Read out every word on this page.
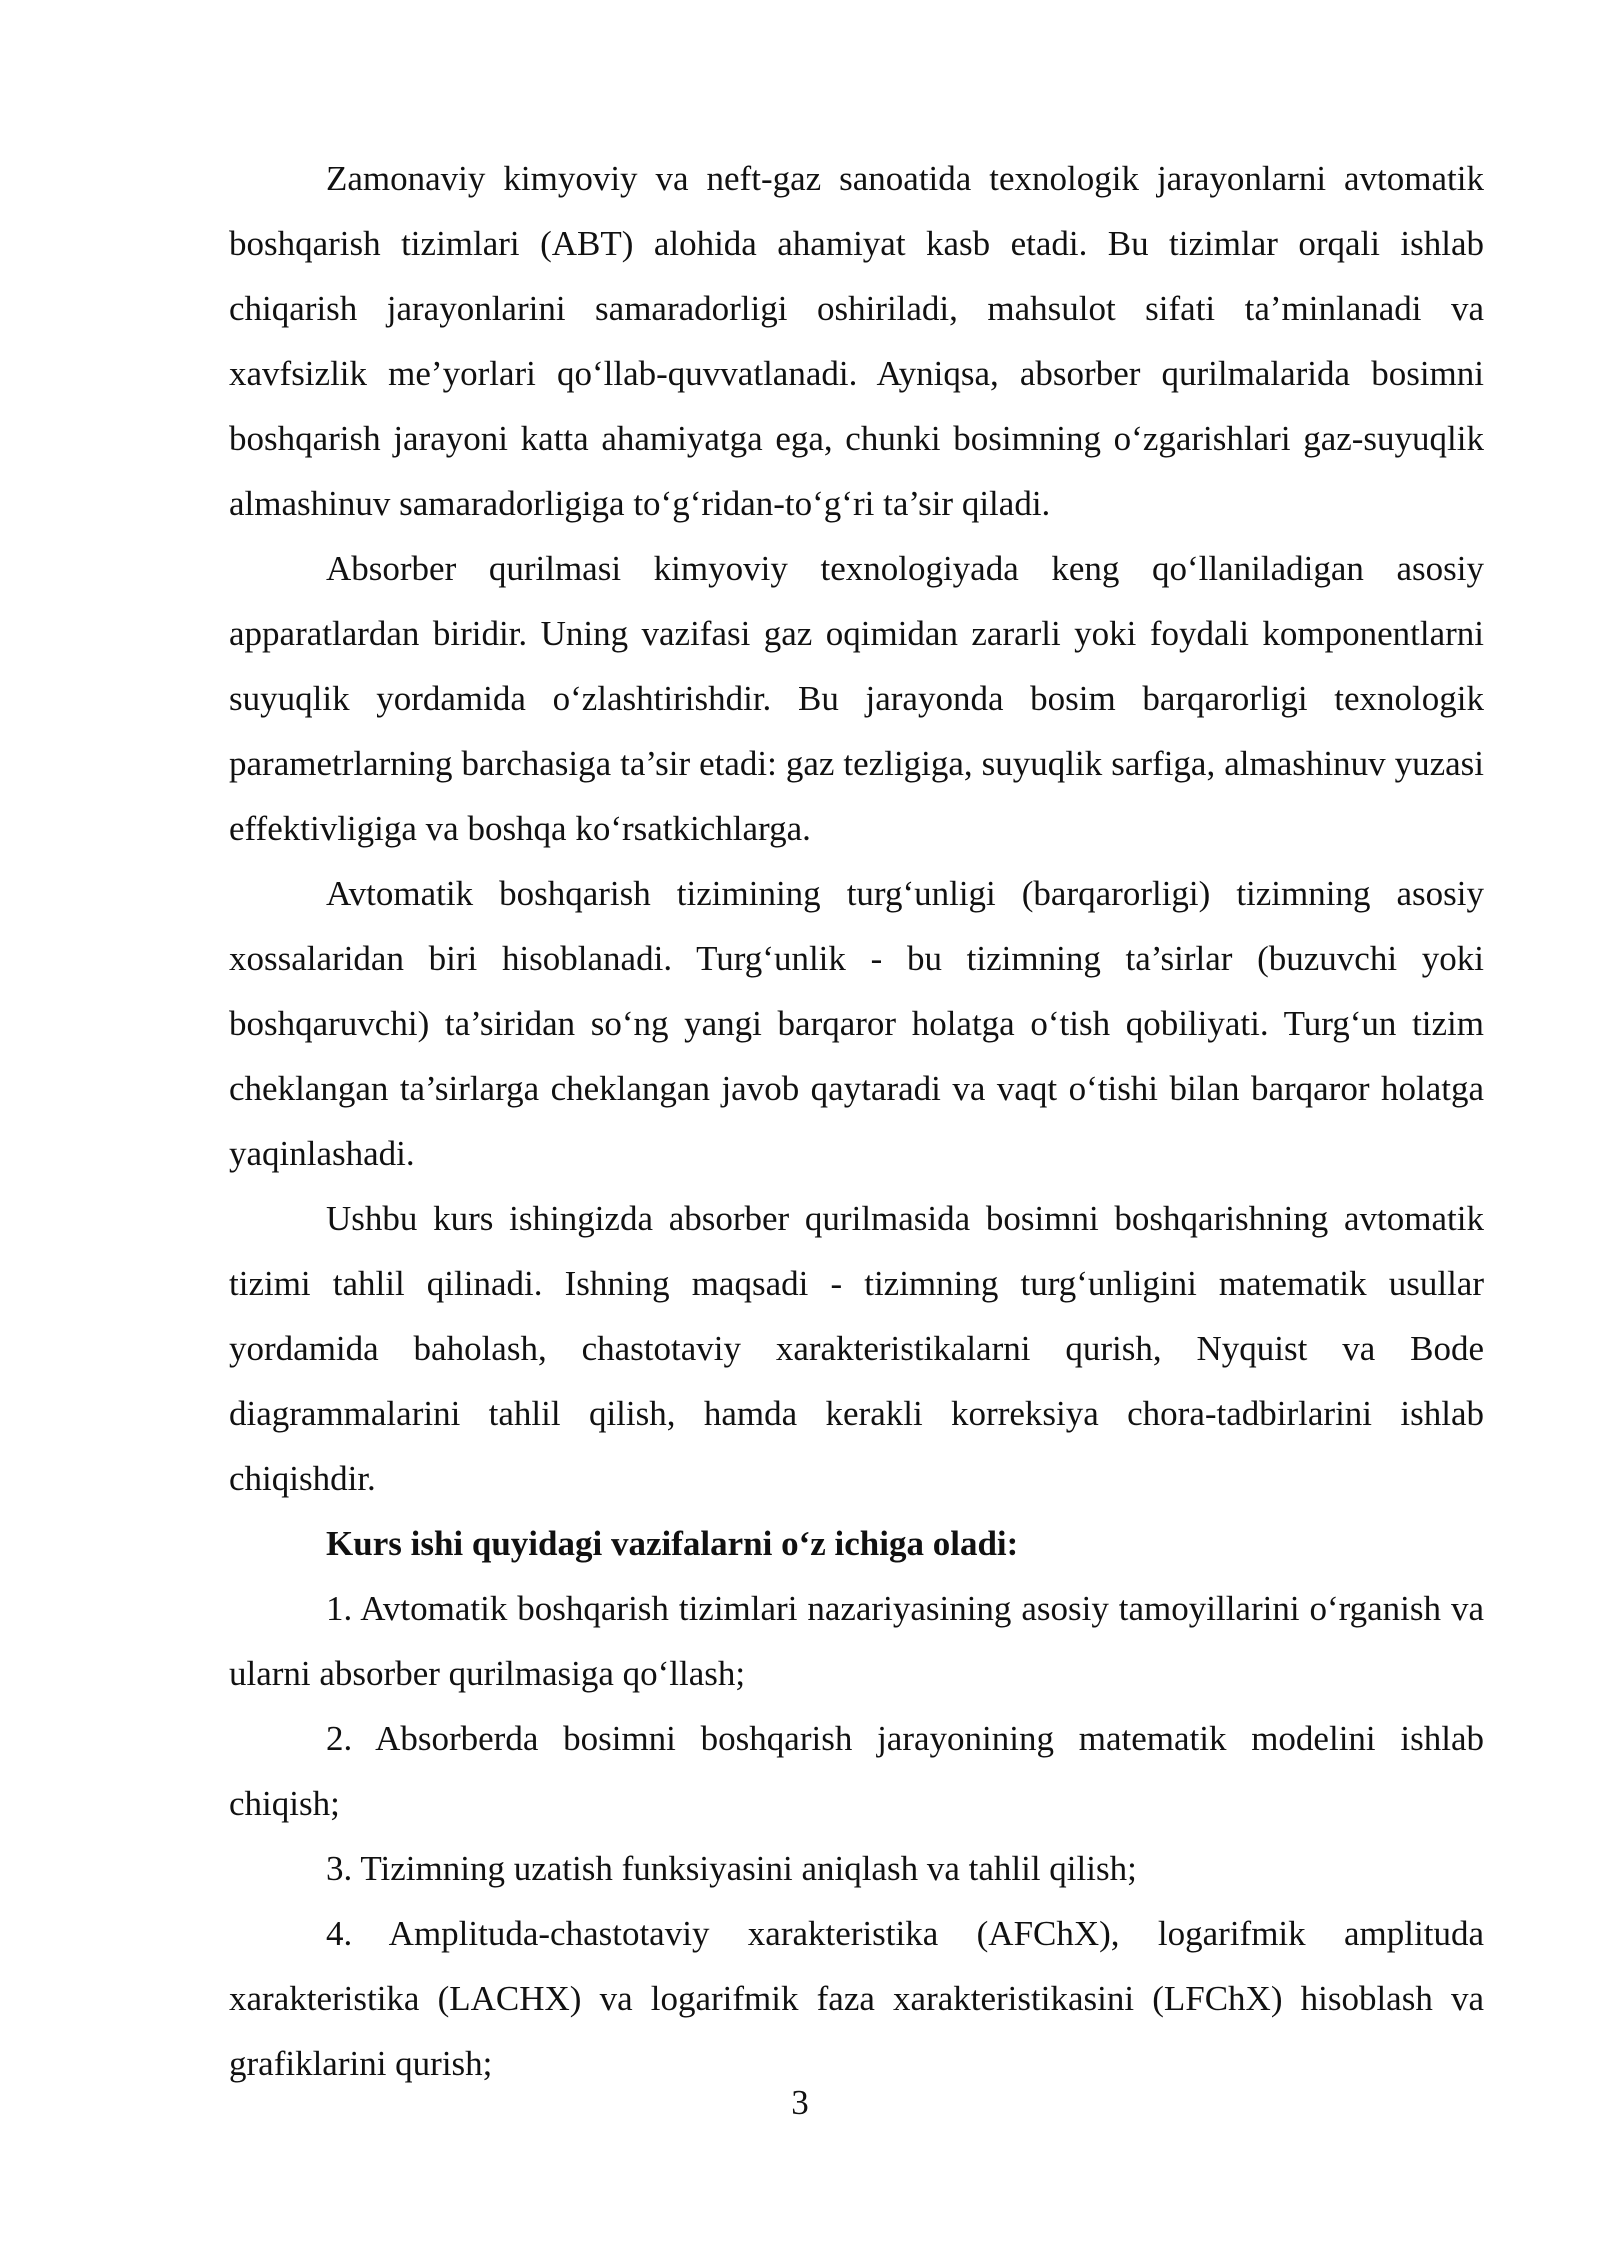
Zamonaviy kimyoviy va neft-gaz sanoatida texnologik jarayonlarni avtomatik boshqarish tizimlari (ABT) alohida ahamiyat kasb etadi. Bu tizimlar orqali ishlab chiqarish jarayonlarini samaradorligi oshiriladi, mahsulot sifati ta’minlanadi va xavfsizlik me’yorlari qo‘llab-quvvatlanadi. Ayniqsa, absorber qurilmalarida bosimni boshqarish jarayoni katta ahamiyatga ega, chunki bosimning o‘zgarishlari gaz-suyuqlik almashinuv samaradorligiga to‘g‘ridan-to‘g‘ri ta’sir qiladi.

Absorber qurilmasi kimyoviy texnologiyada keng qo‘llaniladigan asosiy apparatlardan biridir. Uning vazifasi gaz oqimidan zararli yoki foydali komponentlarni suyuqlik yordamida o‘zlashtirishdir. Bu jarayonda bosim barqarorligi texnologik parametrlarning barchasiga ta’sir etadi: gaz tezligiga, suyuqlik sarfiga, almashinuv yuzasi effektivligiga va boshqa ko‘rsatkichlarga.

Avtomatik boshqarish tizimining turg‘unligi (barqarorligi) tizimning asosiy xossalaridan biri hisoblanadi. Turg‘unlik - bu tizimning ta’sirlar (buzuvchi yoki boshqaruvchi) ta’siridan so‘ng yangi barqaror holatga o‘tish qobiliyati. Turg‘un tizim cheklangan ta’sirlarga cheklangan javob qaytaradi va vaqt o‘tishi bilan barqaror holatga yaqinlashadi.

Ushbu kurs ishingizda absorber qurilmasida bosimni boshqarishning avtomatik tizimi tahlil qilinadi. Ishning maqsadi - tizimning turg‘unligini matematik usullar yordamida baholash, chastotaviy xarakteristikalarni qurish, Nyquist va Bode diagrammalarini tahlil qilish, hamda kerakli korreksiya chora-tadbirlarini ishlab chiqishdir.

Kurs ishi quyidagi vazifalarni o‘z ichiga oladi:

1. Avtomatik boshqarish tizimlari nazariyasining asosiy tamoyillarini o‘rganish va ularni absorber qurilmasiga qo‘llash;

2. Absorberda bosimni boshqarish jarayonining matematik modelini ishlab chiqish;

3. Tizimning uzatish funksiyasini aniqlash va tahlil qilish;

4. Amplituda-chastotaviy xarakteristika (AFChX), logarifmik amplituda xarakteristika (LACHX) va logarifmik faza xarakteristikasini (LFChX) hisoblash va grafiklarini qurish;

3
